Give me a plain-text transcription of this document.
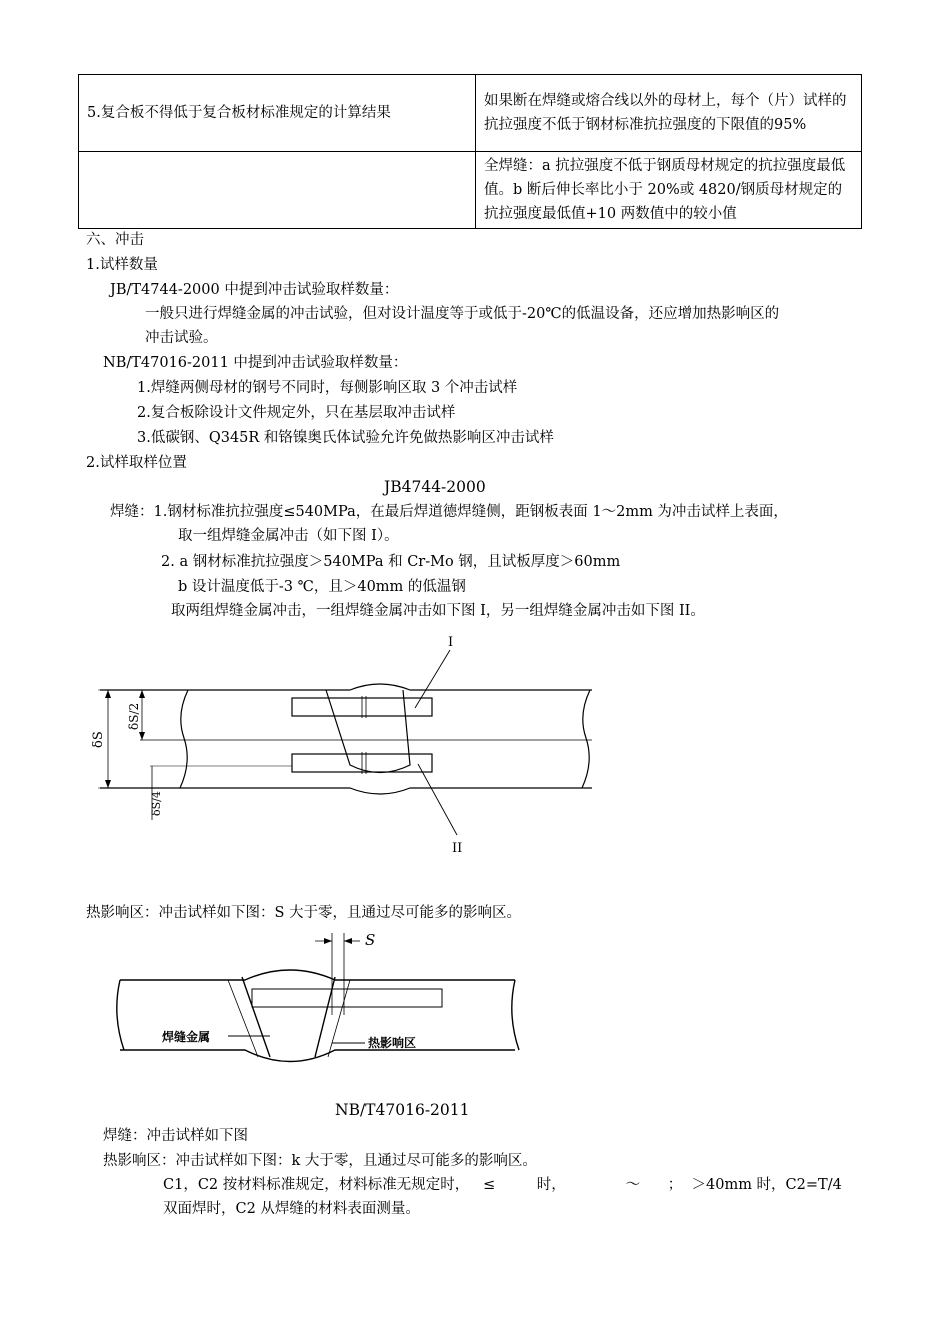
5.复合板不得低于复合板材标准规定的计算结果	如果断在焊缝或熔合线以外的母材上，每个（片）试样的抗拉强度不低于钢材标准抗拉强度的下限值的95%
	全焊缝：a 抗拉强度不低于钢质母材规定的抗拉强度最低值。b 断后伸长率比小于 20%或 4820/钢质母材规定的抗拉强度最低值+10 两数值中的较小值
六、冲击
1.试样数量
JB/T4744-2000 中提到冲击试验取样数量：
一般只进行焊缝金属的冲击试验，但对设计温度等于或低于-20℃的低温设备，还应增加热影响区的
冲击试验。
NB/T47016-2011 中提到冲击试验取样数量：
1.焊缝两侧母材的钢号不同时，每侧影响区取 3 个冲击试样
2.复合板除设计文件规定外，只在基层取冲击试样
3.低碳钢、Q345R 和铬镍奥氏体试验允许免做热影响区冲击试样
2.试样取样位置
JB4744-2000
焊缝：1.钢材标准抗拉强度≤540MPa，在最后焊道德焊缝侧，距钢板表面 1～2mm 为冲击试样上表面，
取一组焊缝金属冲击（如下图 I）。
2. a 钢材标准抗拉强度＞540MPa 和 Cr-Mo 钢，且试板厚度＞60mm
b 设计温度低于-3 ℃，且＞40mm 的低温钢
取两组焊缝金属冲击，一组焊缝金属冲击如下图 I，另一组焊缝金属冲击如下图 II。
I
II
δS
δS/2
δS/4
热影响区：冲击试样如下图：S 大于零，且通过尽可能多的影响区。
S
焊缝金属	热影响区
NB/T47016-2011
焊缝：冲击试样如下图
热影响区：冲击试样如下图：k 大于零，且通过尽可能多的影响区。
C1，C2 按材料标准规定，材料标准无规定时，   ≤         时，             ～      ；  ＞40mm 时，C2=T/4
双面焊时，C2 从焊缝的材料表面测量。
